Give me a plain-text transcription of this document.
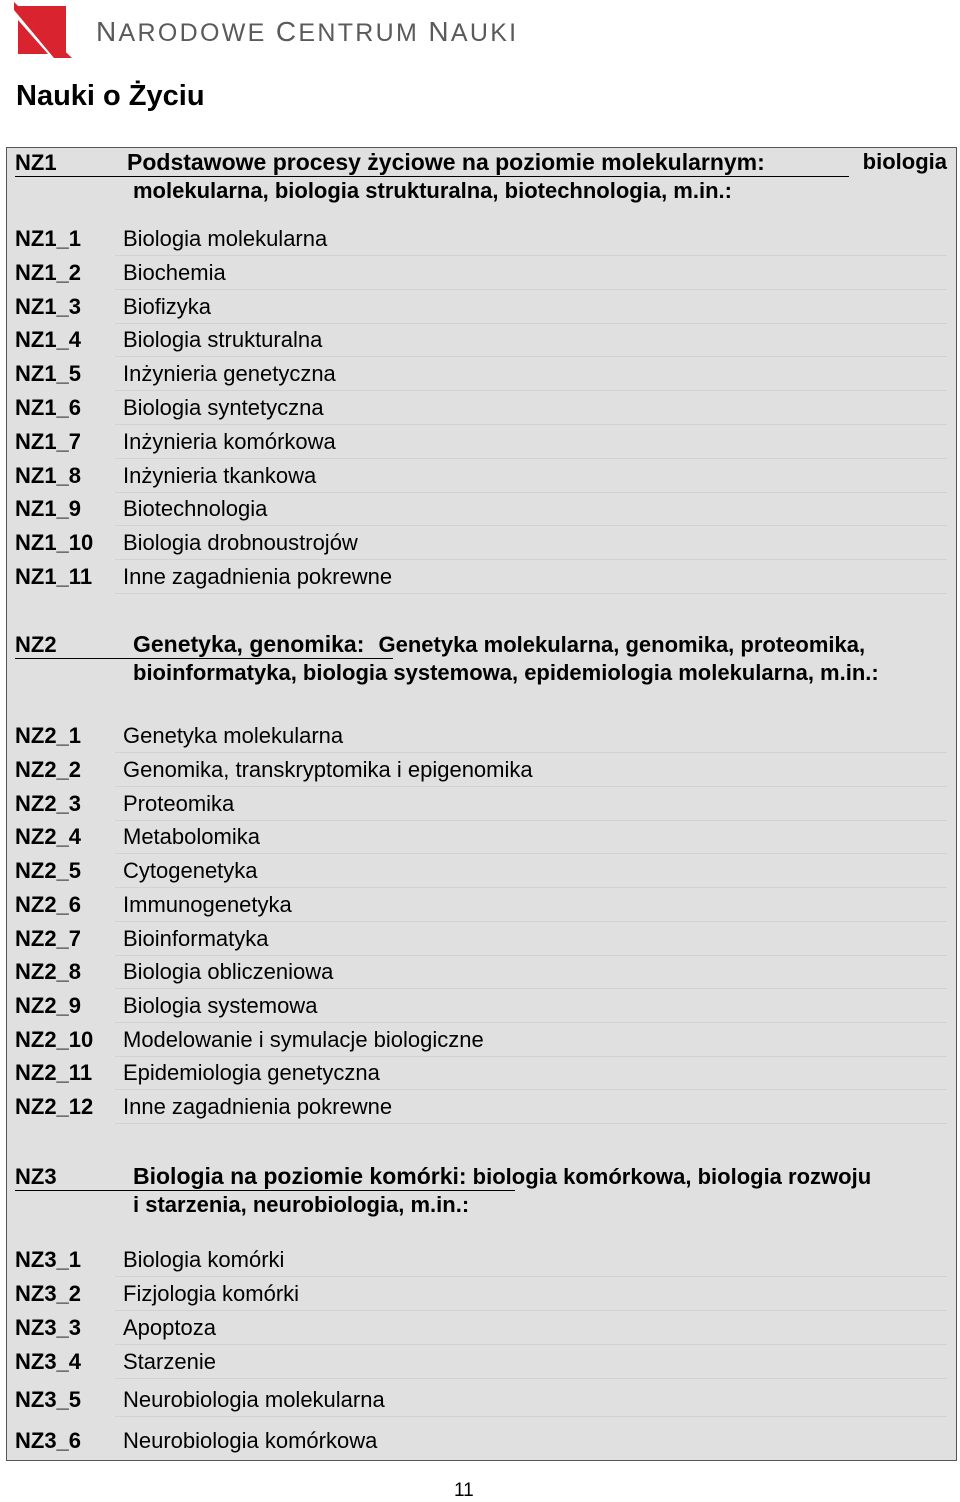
NARODOWE CENTRUM NAUKI
Nauki o Życiu
NZ1	Podstawowe procesy życiowe na poziomie molekularnym:	biologia
molekularna, biologia strukturalna, biotechnologia, m.in.:
NZ1_1 Biologia molekularna
NZ1_2 Biochemia
NZ1_3 Biofizyka
NZ1_4 Biologia strukturalna
NZ1_5 Inżynieria genetyczna
NZ1_6 Biologia syntetyczna
NZ1_7 Inżynieria komórkowa
NZ1_8 Inżynieria tkankowa
NZ1_9 Biotechnologia
NZ1_10 Biologia drobnoustrojów
NZ1_11 Inne zagadnienia pokrewne
NZ2	Genetyka, genomika: Genetyka molekularna, genomika, proteomika,
bioinformatyka, biologia systemowa, epidemiologia molekularna, m.in.:
NZ2_1 Genetyka molekularna
NZ2_2 Genomika, transkryptomika i epigenomika
NZ2_3 Proteomika
NZ2_4 Metabolomika
NZ2_5 Cytogenetyka
NZ2_6 Immunogenetyka
NZ2_7 Bioinformatyka
NZ2_8 Biologia obliczeniowa
NZ2_9 Biologia systemowa
NZ2_10 Modelowanie i symulacje biologiczne
NZ2_11 Epidemiologia genetyczna
NZ2_12 Inne zagadnienia pokrewne
NZ3	Biologia na poziomie komórki: biologia komórkowa, biologia rozwoju
i starzenia, neurobiologia, m.in.:
NZ3_1 Biologia komórki
NZ3_2 Fizjologia komórki
NZ3_3 Apoptoza
NZ3_4 Starzenie
NZ3_5 Neurobiologia molekularna
NZ3_6 Neurobiologia komórkowa
11
